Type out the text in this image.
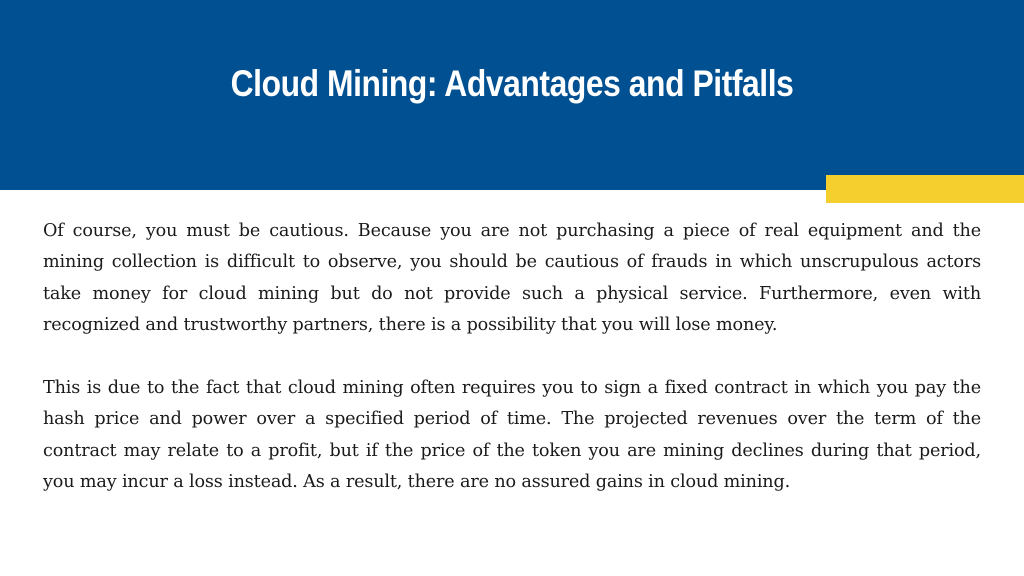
Cloud Mining: Advantages and Pitfalls

Of course, you must be cautious. Because you are not purchasing a piece of real equipment and the mining collection is difficult to observe, you should be cautious of frauds in which unscrupulous actors take money for cloud mining but do not provide such a physical service. Furthermore, even with recognized and trustworthy partners, there is a possibility that you will lose money.

This is due to the fact that cloud mining often requires you to sign a fixed contract in which you pay the hash price and power over a specified period of time. The projected revenues over the term of the contract may relate to a profit, but if the price of the token you are mining declines during that period, you may incur a loss instead. As a result, there are no assured gains in cloud mining.
